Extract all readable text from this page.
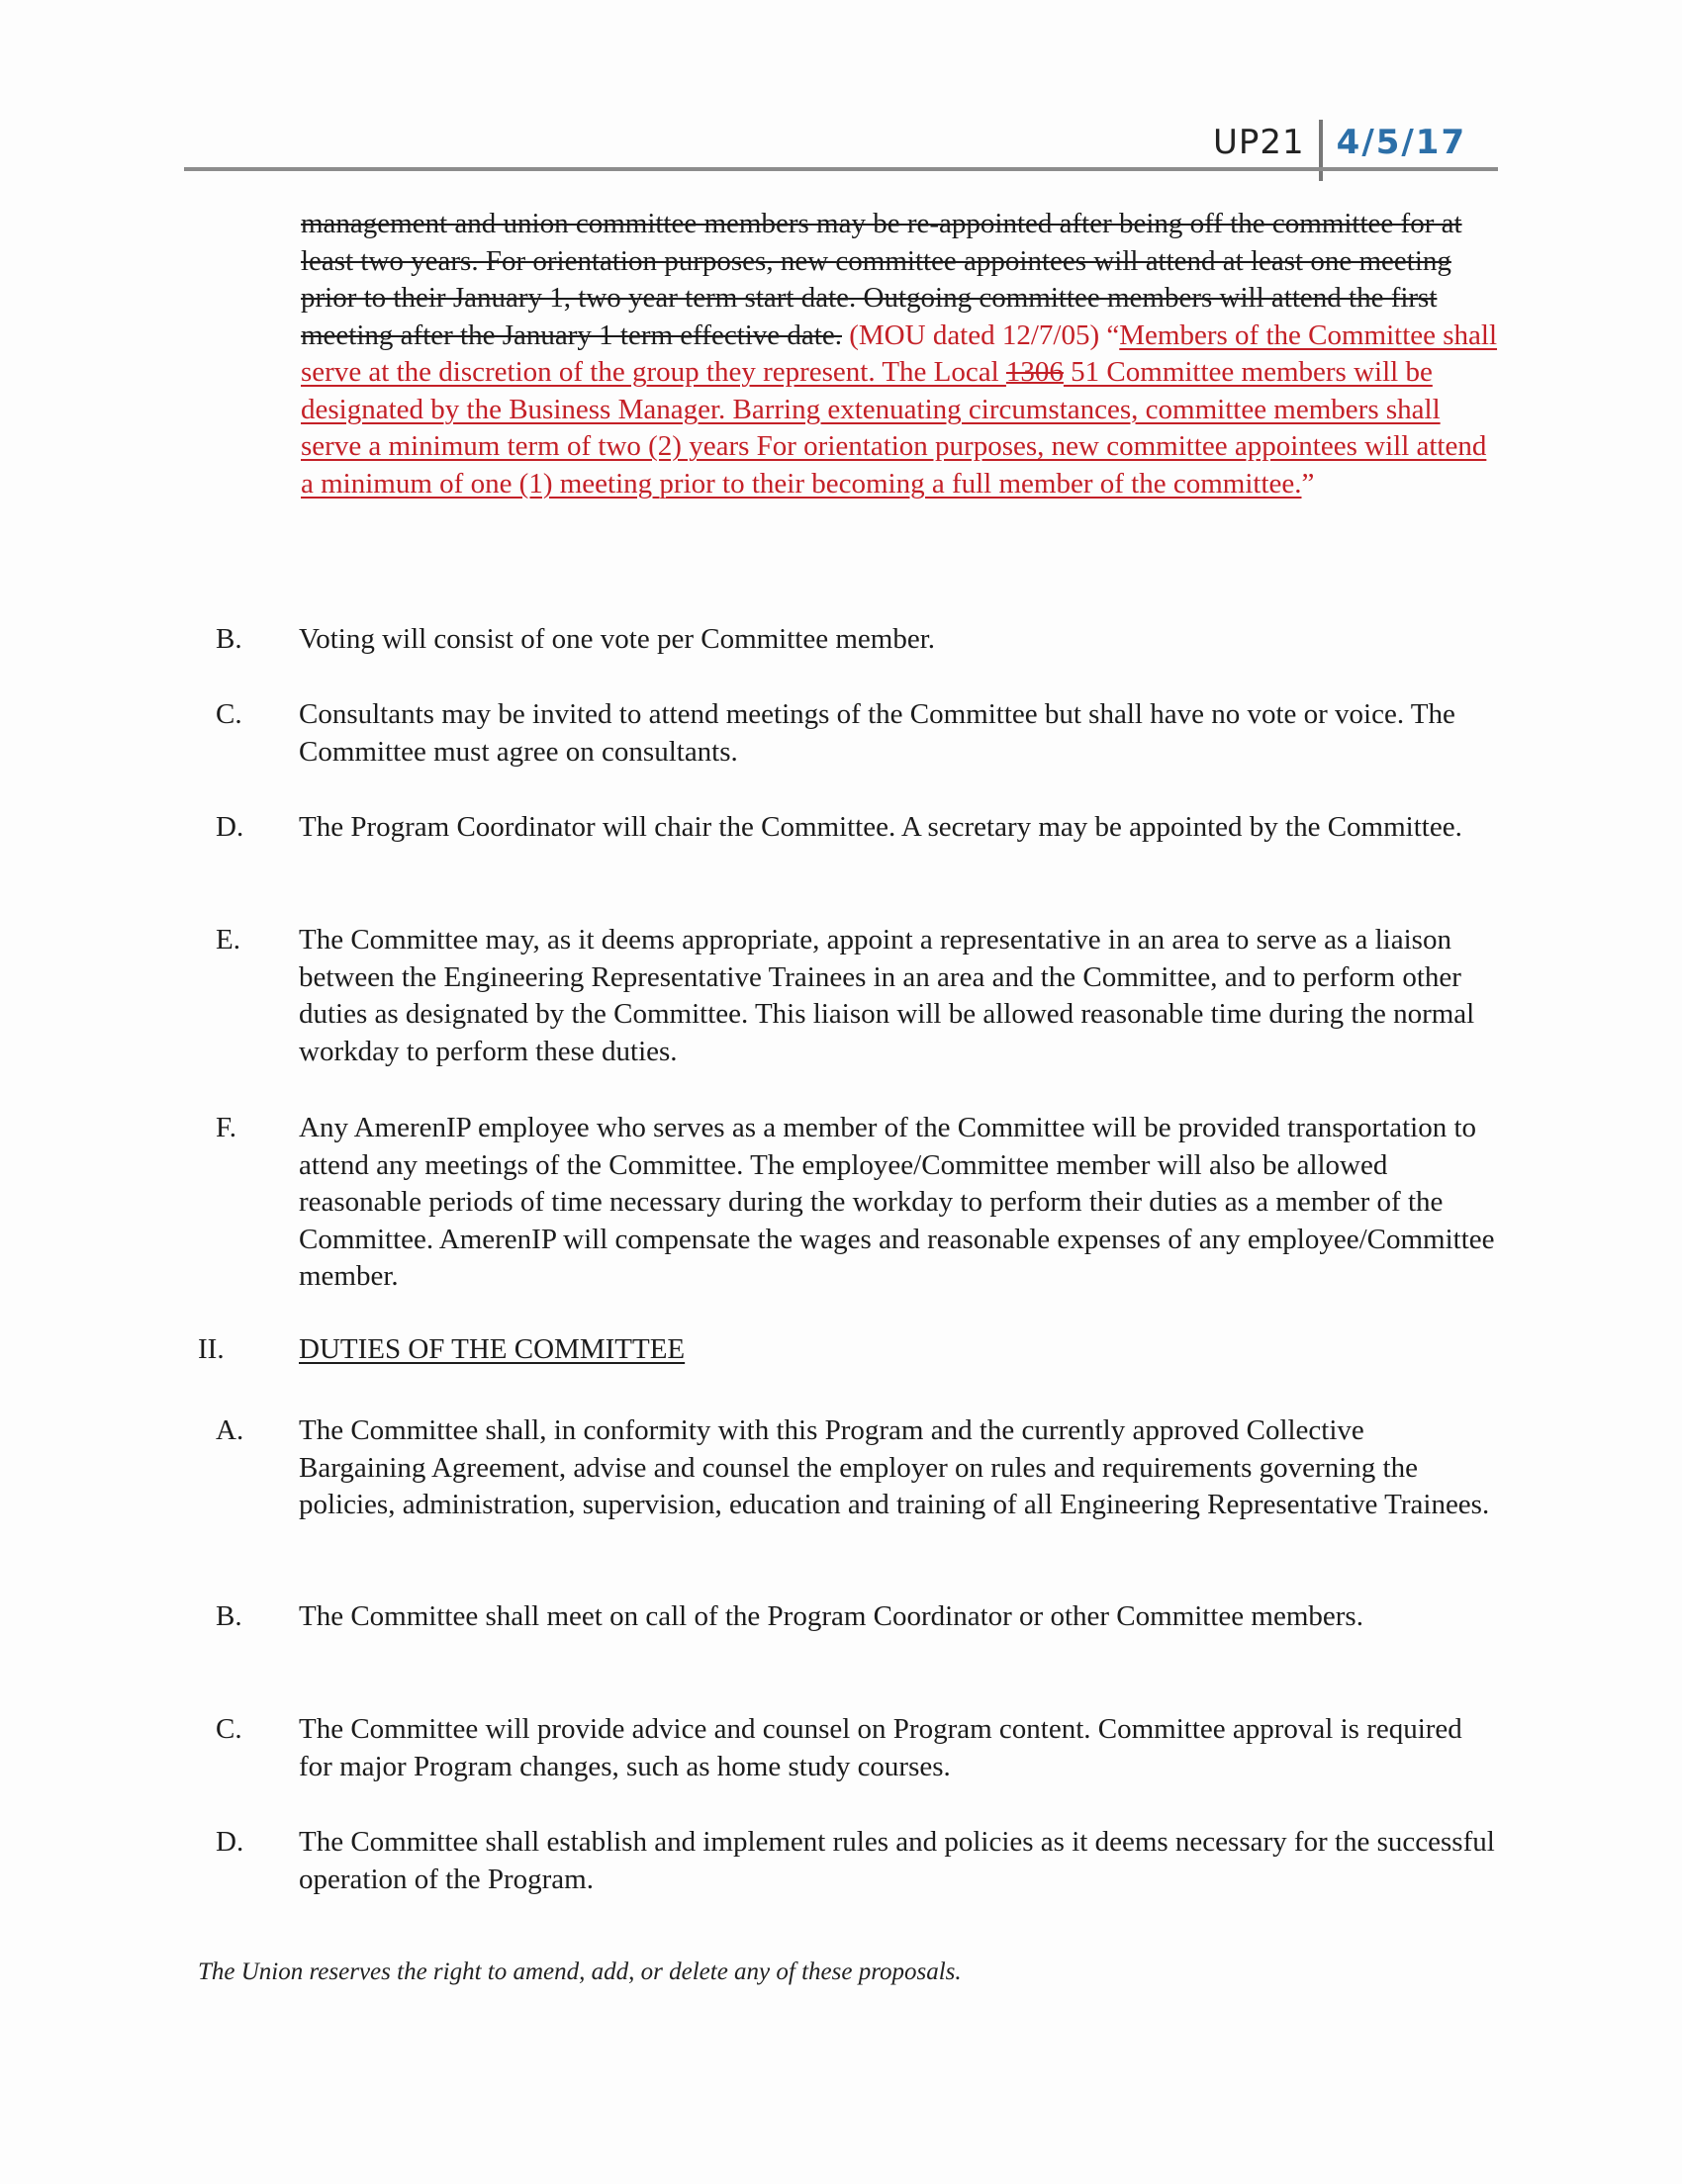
UP21 4/5/17
management and union committee members may be re-appointed after being off the committee for at least two years. For orientation purposes, new committee appointees will attend at least one meeting prior to their January 1, two year term start date. Outgoing committee members will attend the first meeting after the January 1 term effective date. (MOU dated 12/7/05) “Members of the Committee shall serve at the discretion of the group they represent. The Local 1306 51 Committee members will be designated by the Business Manager. Barring extenuating circumstances, committee members shall serve a minimum term of two (2) years For orientation purposes, new committee appointees will attend a minimum of one (1) meeting prior to their becoming a full member of the committee.”
B.	Voting will consist of one vote per Committee member.
C.	Consultants may be invited to attend meetings of the Committee but shall have no vote or voice. The Committee must agree on consultants.
D.	The Program Coordinator will chair the Committee. A secretary may be appointed by the Committee.
E.	The Committee may, as it deems appropriate, appoint a representative in an area to serve as a liaison between the Engineering Representative Trainees in an area and the Committee, and to perform other duties as designated by the Committee. This liaison will be allowed reasonable time during the normal workday to perform these duties.
F.	Any AmerenIP employee who serves as a member of the Committee will be provided transportation to attend any meetings of the Committee. The employee/Committee member will also be allowed reasonable periods of time necessary during the workday to perform their duties as a member of the Committee. AmerenIP will compensate the wages and reasonable expenses of any employee/Committee member.
II.	DUTIES OF THE COMMITTEE
A.	The Committee shall, in conformity with this Program and the currently approved Collective Bargaining Agreement, advise and counsel the employer on rules and requirements governing the policies, administration, supervision, education and training of all Engineering Representative Trainees.
B.	The Committee shall meet on call of the Program Coordinator or other Committee members.
C.	The Committee will provide advice and counsel on Program content. Committee approval is required for major Program changes, such as home study courses.
D.	The Committee shall establish and implement rules and policies as it deems necessary for the successful operation of the Program.
The Union reserves the right to amend, add, or delete any of these proposals.
